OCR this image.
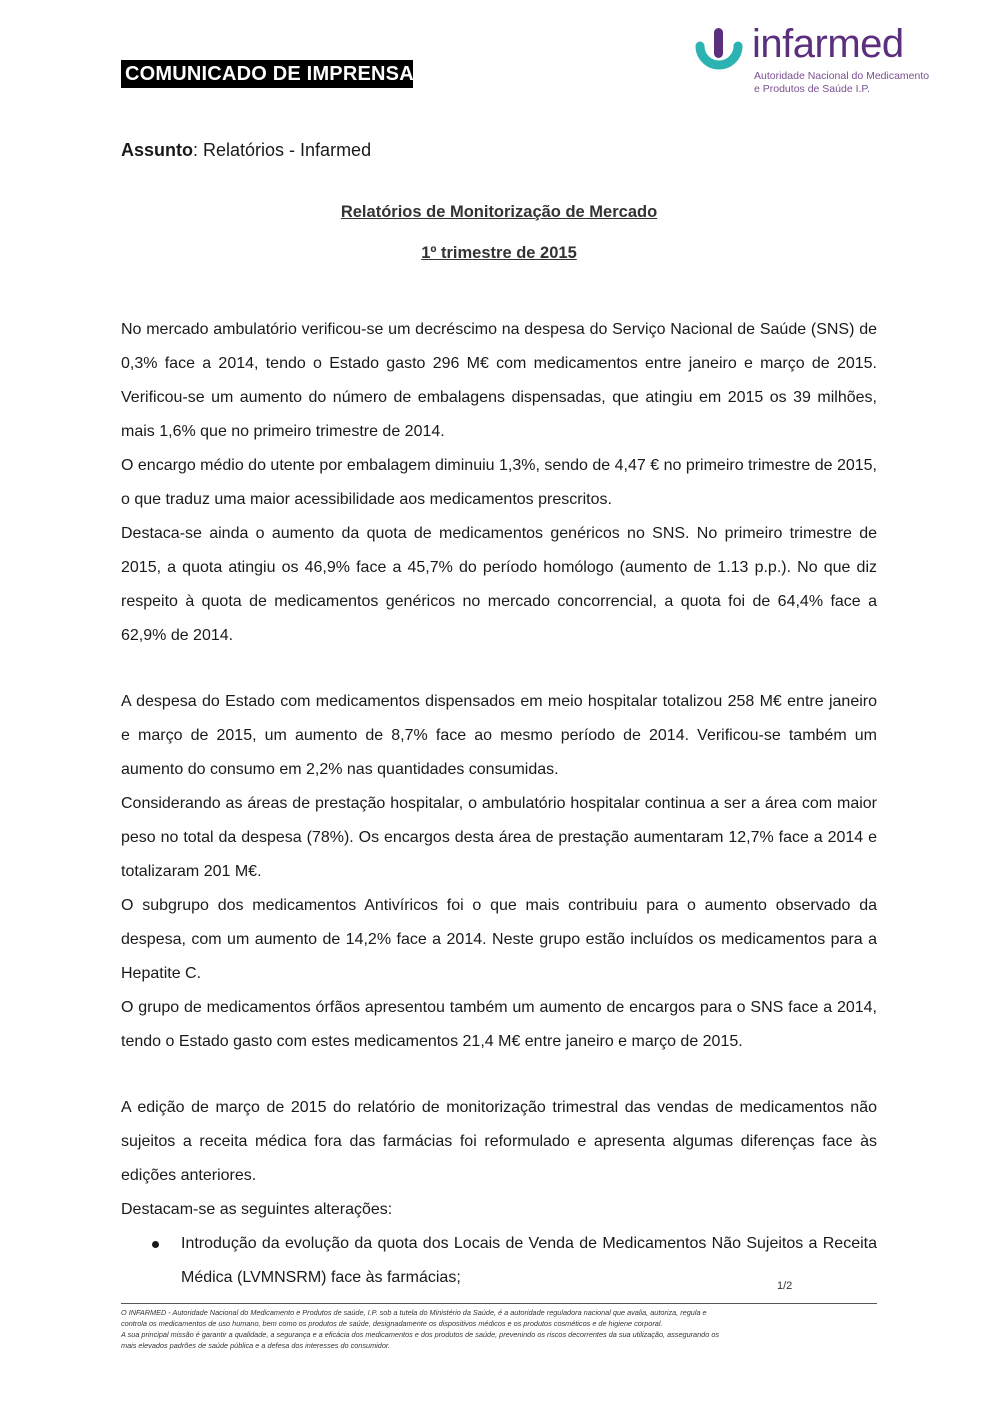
COMUNICADO DE IMPRENSA
infarmed
Autoridade Nacional do Medicamento
e Produtos de Saúde I.P.
Assunto: Relatórios - Infarmed

Relatórios de Monitorização de Mercado

1º trimestre de 2015

No mercado ambulatório verificou-se um decréscimo na despesa do Serviço Nacional de Saúde (SNS) de 0,3% face a 2014, tendo o Estado gasto 296 M€ com medicamentos entre janeiro e março de 2015. Verificou-se um aumento do número de embalagens dispensadas, que atingiu em 2015 os 39 milhões, mais 1,6% que no primeiro trimestre de 2014.

O encargo médio do utente por embalagem diminuiu 1,3%, sendo de 4,47 € no primeiro trimestre de 2015, o que traduz uma maior acessibilidade aos medicamentos prescritos.

Destaca-se ainda o aumento da quota de medicamentos genéricos no SNS. No primeiro trimestre de 2015, a quota atingiu os 46,9% face a 45,7% do período homólogo (aumento de 1.13 p.p.). No que diz respeito à quota de medicamentos genéricos no mercado concorrencial, a quota foi de 64,4% face a 62,9% de 2014.

A despesa do Estado com medicamentos dispensados em meio hospitalar totalizou 258 M€ entre janeiro e março de 2015, um aumento de 8,7% face ao mesmo período de 2014. Verificou-se também um aumento do consumo em 2,2% nas quantidades consumidas.

Considerando as áreas de prestação hospitalar, o ambulatório hospitalar continua a ser a área com maior peso no total da despesa (78%). Os encargos desta área de prestação aumentaram 12,7% face a 2014 e totalizaram 201 M€.

O subgrupo dos medicamentos Antivíricos foi o que mais contribuiu para o aumento observado da despesa, com um aumento de 14,2% face a 2014. Neste grupo estão incluídos os medicamentos para a Hepatite C.

O grupo de medicamentos órfãos apresentou também um aumento de encargos para o SNS face a 2014, tendo o Estado gasto com estes medicamentos 21,4 M€ entre janeiro e março de 2015.

A edição de março de 2015 do relatório de monitorização trimestral das vendas de medicamentos não sujeitos a receita médica fora das farmácias foi reformulado e apresenta algumas diferenças face às edições anteriores.

Destacam-se as seguintes alterações:

Introdução da evolução da quota dos Locais de Venda de Medicamentos Não Sujeitos a Receita Médica (LVMNSRM) face às farmácias;	1/2

O INFARMED - Autoridade Nacional do Medicamento e Produtos de saúde, I.P. sob a tutela do Ministério da Saúde, é a autoridade reguladora nacional que avalia, autoriza, regula e

controla os medicamentos de uso humano, bem como os produtos de saúde, designadamente os dispositivos médicos e os produtos cosméticos e de higiene corporal.

A sua principal missão é garantir a qualidade, a segurança e a eficácia dos medicamentos e dos produtos de saúde, prevenindo os riscos decorrentes da sua utilização, assegurando os

mais elevados padrões de saúde pública e a defesa dos interesses do consumidor.
